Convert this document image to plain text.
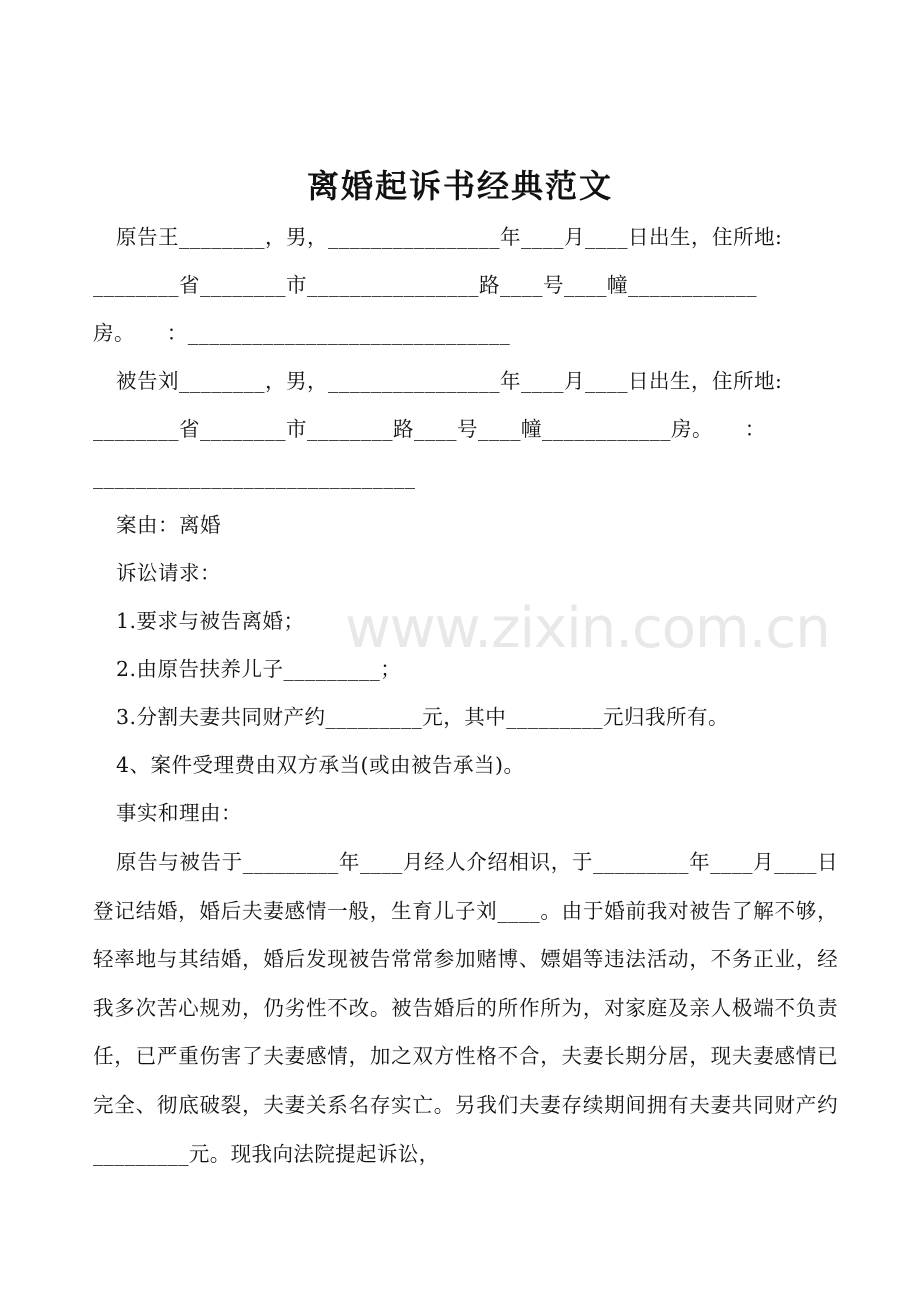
离婚起诉书经典范文
原告王________，男，________________年____月____日出生，住所地:
________省________市________________路____号____幢____________
房。　　：______________________________
被告刘________，男，________________年____月____日出生，住所地:
________省________市________路____号____幢____________房。　　：
______________________________
案由：离婚
诉讼请求：
1.要求与被告离婚；
2.由原告扶养儿子_________；
3.分割夫妻共同财产约_________元，其中_________元归我所有。
4、案件受理费由双方承当(或由被告承当)。
事实和理由：
原告与被告于_________年____月经人介绍相识，于_________年____月____日登记结婚，婚后夫妻感情一般，生育儿子刘____。由于婚前我对被告了解不够，轻率地与其结婚，婚后发现被告常常参加赌博、嫖娼等违法活动，不务正业，经我多次苦心规劝，仍劣性不改。被告婚后的所作所为，对家庭及亲人极端不负责任，已严重伤害了夫妻感情，加之双方性格不合，夫妻长期分居，现夫妻感情已完全、彻底破裂，夫妻关系名存实亡。另我们夫妻存续期间拥有夫妻共同财产约_________元。现我向法院提起诉讼，
www.zixin.com.cn
